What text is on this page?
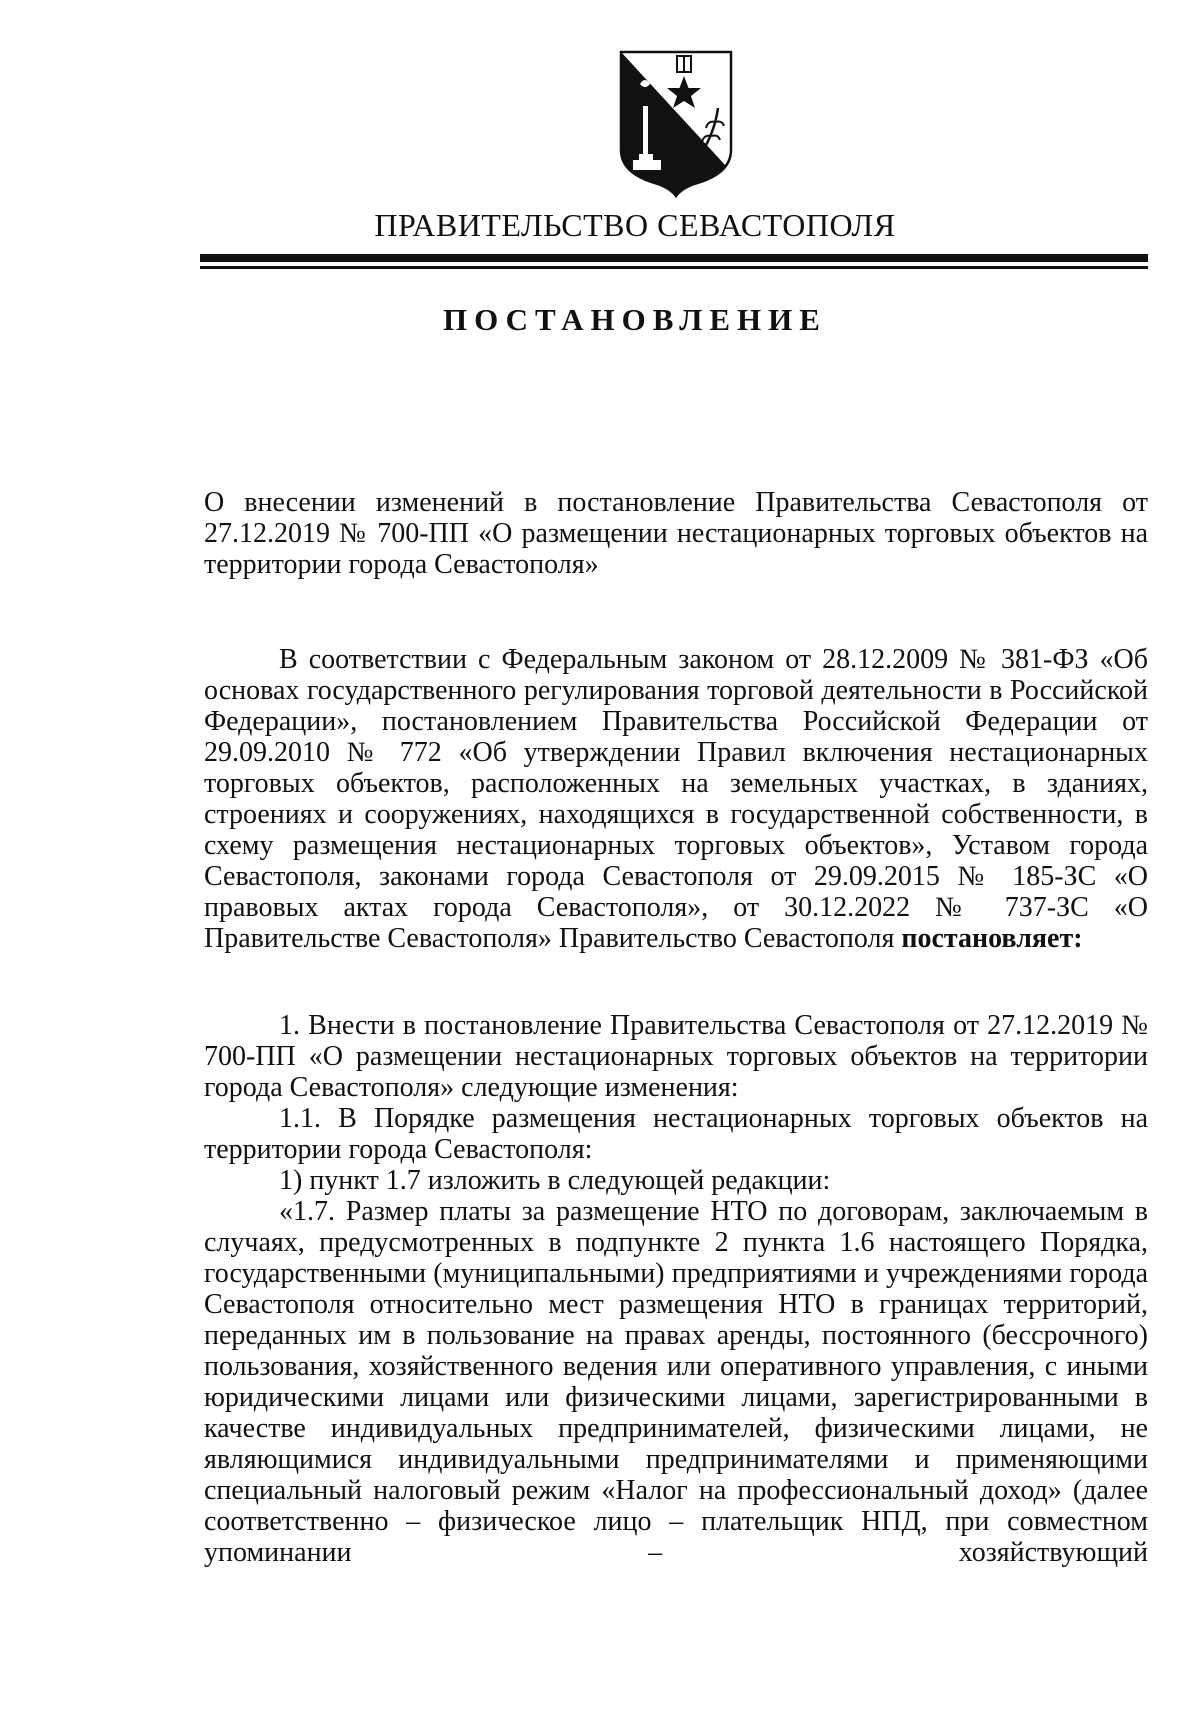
ПРАВИТЕЛЬСТВО СЕВАСТОПОЛЯ
ПОСТАНОВЛЕНИЕ

О внесении изменений в постановление Правительства Севастополя от 27.12.2019 № 700-ПП «О размещении нестационарных торговых объектов на территории города Севастополя»

В соответствии с Федеральным законом от 28.12.2009 № 381-ФЗ «Об основах государственного регулирования торговой деятельности в Российской Федерации», постановлением Правительства Российской Федерации от 29.09.2010 № 772 «Об утверждении Правил включения нестационарных торговых объектов, расположенных на земельных участках, в зданиях, строениях и сооружениях, находящихся в государственной собственности, в схему размещения нестационарных торговых объектов», Уставом города Севастополя, законами города Севастополя от 29.09.2015 № 185-ЗС «О правовых актах города Севастополя», от 30.12.2022 № 737-ЗС «О Правительстве Севастополя» Правительство Севастополя постановляет:

1. Внести в постановление Правительства Севастополя от 27.12.2019 № 700-ПП «О размещении нестационарных торговых объектов на территории города Севастополя» следующие изменения:

1.1. В Порядке размещения нестационарных торговых объектов на территории города Севастополя:

1) пункт 1.7 изложить в следующей редакции:

«1.7. Размер платы за размещение НТО по договорам, заключаемым в случаях, предусмотренных в подпункте 2 пункта 1.6 настоящего Порядка, государственными (муниципальными) предприятиями и учреждениями города Севастополя относительно мест размещения НТО в границах территорий, переданных им в пользование на правах аренды, постоянного (бессрочного) пользования, хозяйственного ведения или оперативного управления, с иными юридическими лицами или физическими лицами, зарегистрированными в качестве индивидуальных предпринимателей, физическими лицами, не являющимися индивидуальными предпринимателями и применяющими специальный налоговый режим «Налог на профессиональный доход» (далее соответственно – физическое лицо – плательщик НПД, при совместном упоминании – хозяйствующий
